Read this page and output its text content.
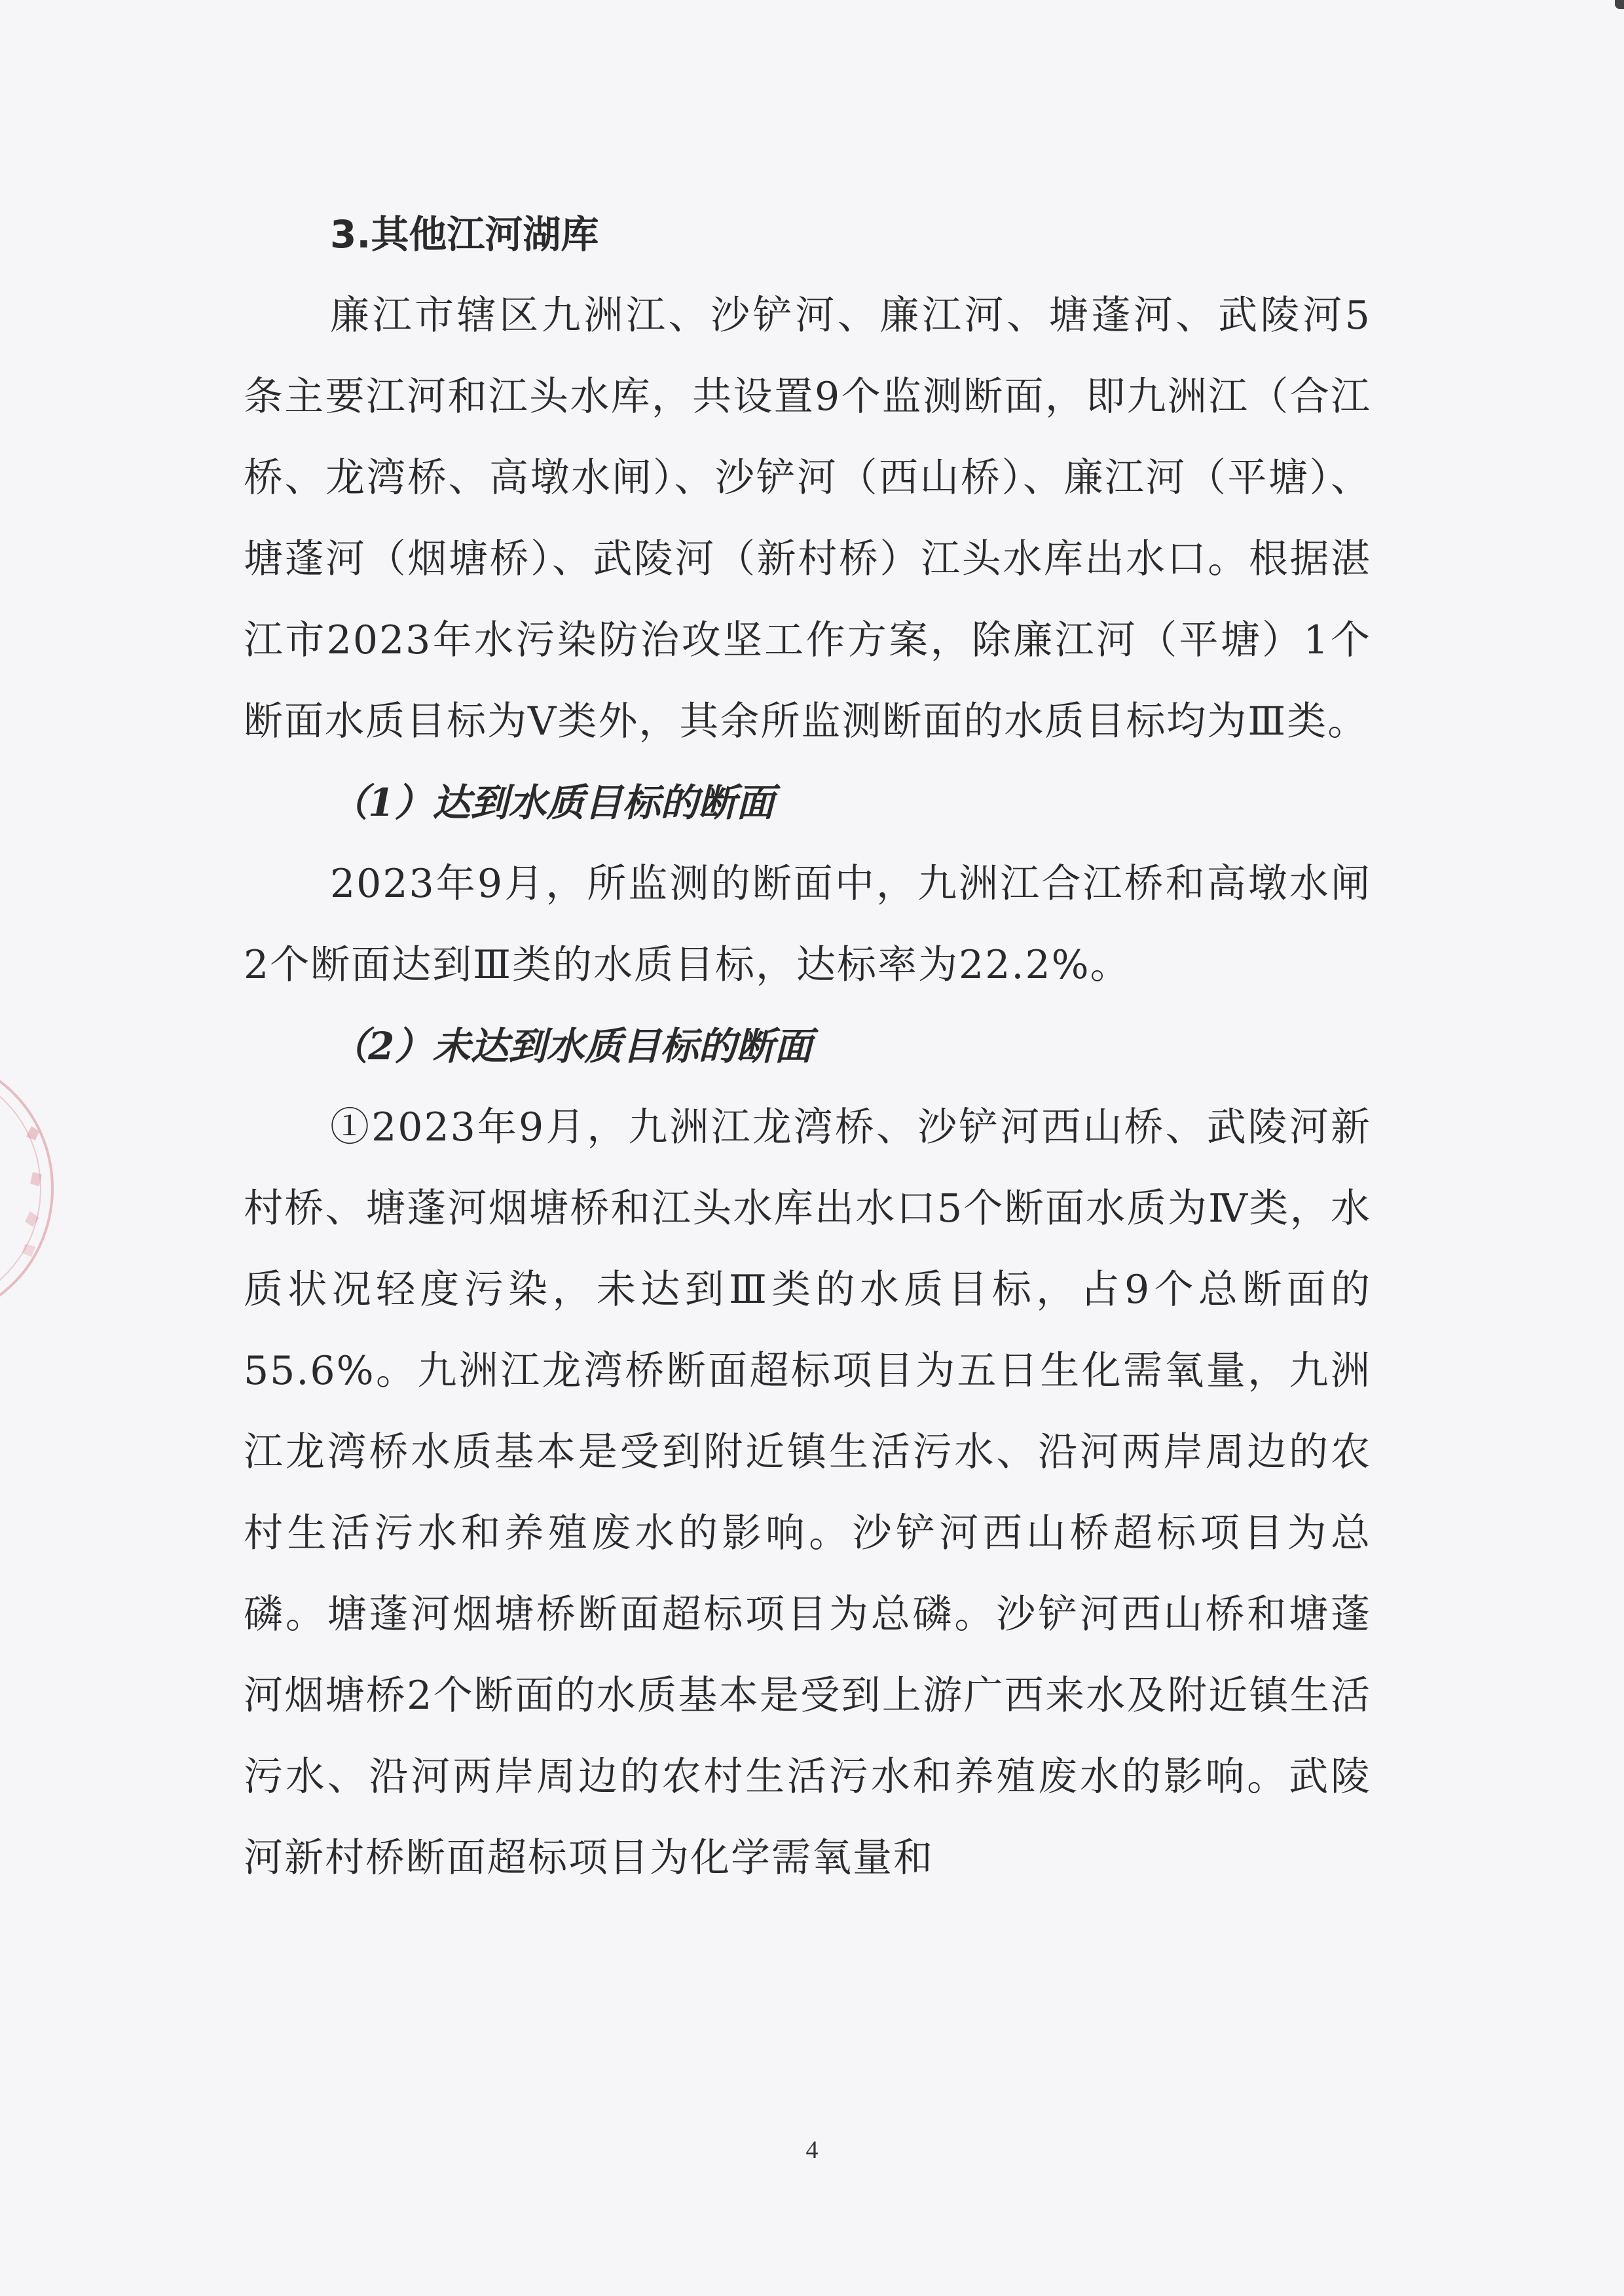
3.其他江河湖库

廉江市辖区九洲江、沙铲河、廉江河、塘蓬河、武陵河5条主要江河和江头水库，共设置9个监测断面，即九洲江（合江桥、龙湾桥、高墩水闸）、沙铲河（西山桥）、廉江河（平塘）、塘蓬河（烟塘桥）、武陵河（新村桥）江头水库出水口。根据湛江市2023年水污染防治攻坚工作方案，除廉江河（平塘）1个断面水质目标为Ⅴ类外，其余所监测断面的水质目标均为Ⅲ类。

（1）达到水质目标的断面

2023年9月，所监测的断面中，九洲江合江桥和高墩水闸2个断面达到Ⅲ类的水质目标，达标率为22.2%。

（2）未达到水质目标的断面

①2023年9月，九洲江龙湾桥、沙铲河西山桥、武陵河新村桥、塘蓬河烟塘桥和江头水库出水口5个断面水质为Ⅳ类，水质状况轻度污染，未达到Ⅲ类的水质目标，占9个总断面的55.6%。九洲江龙湾桥断面超标项目为五日生化需氧量，九洲江龙湾桥水质基本是受到附近镇生活污水、沿河两岸周边的农村生活污水和养殖废水的影响。沙铲河西山桥超标项目为总磷。塘蓬河烟塘桥断面超标项目为总磷。沙铲河西山桥和塘蓬河烟塘桥2个断面的水质基本是受到上游广西来水及附近镇生活污水、沿河两岸周边的农村生活污水和养殖废水的影响。武陵河新村桥断面超标项目为化学需氧量和

4
